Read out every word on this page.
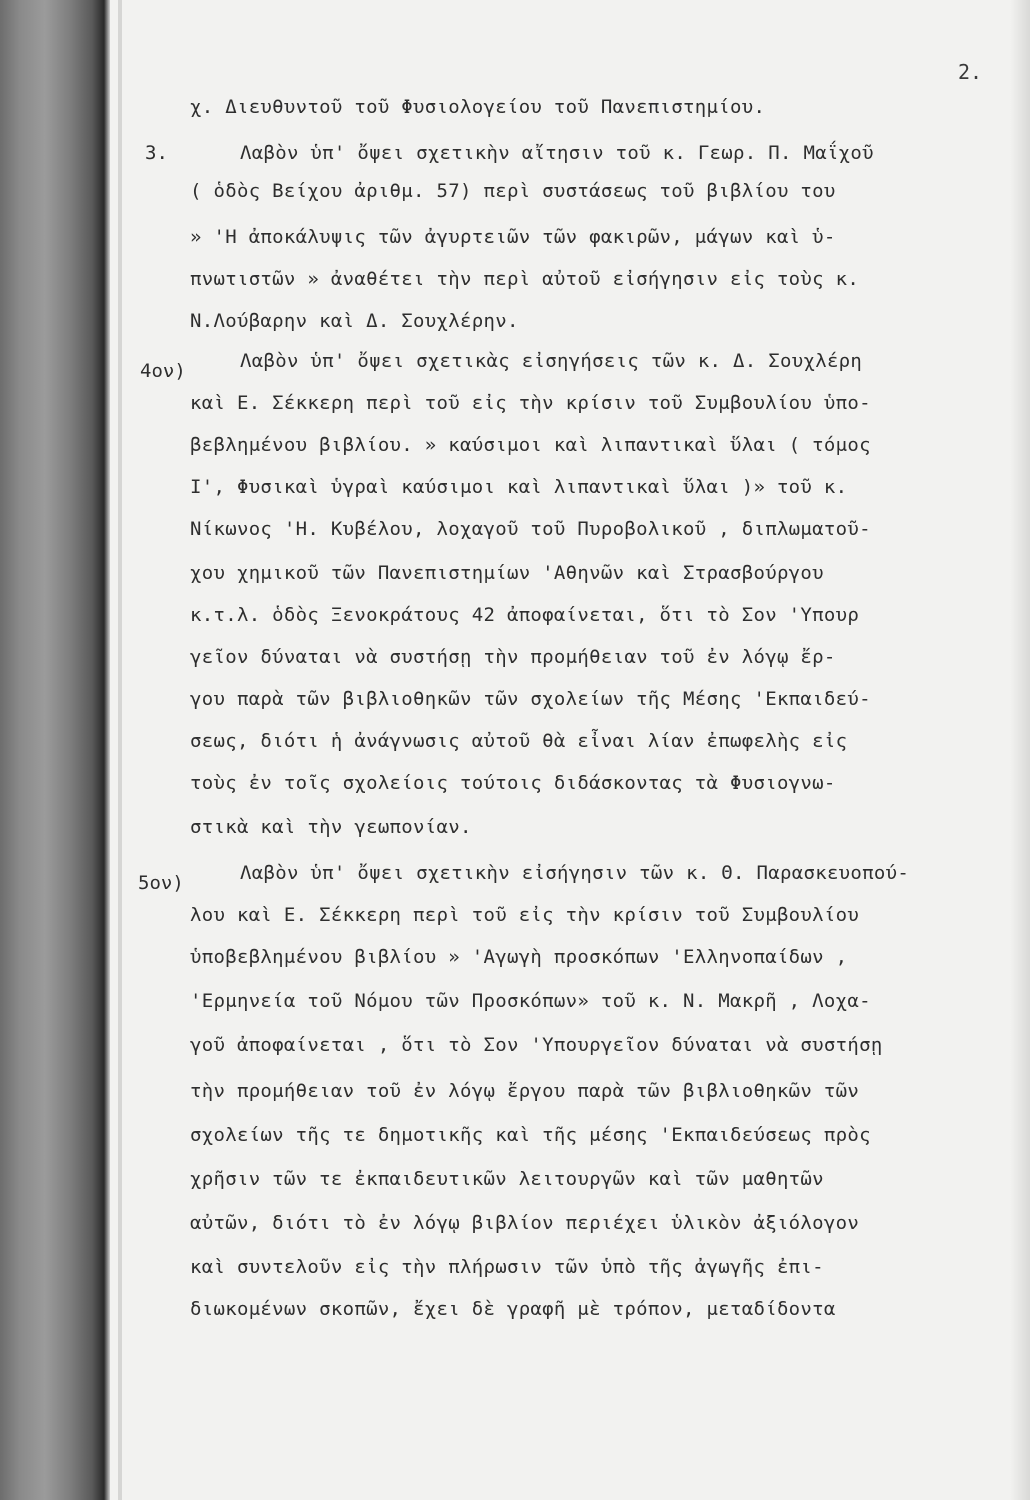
2.
3.
4ον)
5ον)
χ. Διευθυντοῦ τοῦ Φυσιολογείου τοῦ Πανεπιστημίου.
Λαβὸν ὑπ' ὄψει σχετικὴν αἴτησιν τοῦ κ. Γεωρ. Π. Μαΐχοῦ
( ὁδὸς Βείχου ἀριθμ. 57) περὶ συστάσεως τοῦ βιβλίου του
» 'Η ἀποκάλυψις τῶν ἀγυρτειῶν τῶν φακιρῶν, μάγων καὶ ὑ-
πνωτιστῶν » ἀναθέτει τὴν περὶ αὐτοῦ εἰσήγησιν εἰς τοὺς κ.
Ν.Λούβαρην καὶ Δ. Σουχλέρην.
Λαβὸν ὑπ' ὄψει σχετικὰς εἰσηγήσεις τῶν κ. Δ. Σουχλέρη
καὶ Ε. Σέκκερη περὶ τοῦ εἰς τὴν κρίσιν τοῦ Συμβουλίου ὑπο-
βεβλημένου βιβλίου. » καύσιμοι καὶ λιπαντικαὶ ὕλαι ( τόμος
Ι', Φυσικαὶ ὑγραὶ καύσιμοι καὶ λιπαντικαὶ ὕλαι )» τοῦ κ.
Νίκωνος 'Η. Κυβέλου, λοχαγοῦ τοῦ Πυροβολικοῦ , διπλωματοῦ-
χου χημικοῦ τῶν Πανεπιστημίων 'Αθηνῶν καὶ Στρασβούργου
κ.τ.λ. ὁδὸς Ξενοκράτους 42 ἀποφαίνεται, ὅτι τὸ Σον 'Υπουρ
γεῖον δύναται νὰ συστήσῃ τὴν προμήθειαν τοῦ ἐν λόγῳ ἔρ-
γου παρὰ τῶν βιβλιοθηκῶν τῶν σχολείων τῆς Μέσης 'Εκπαιδεύ-
σεως, διότι ἡ ἀνάγνωσις αὐτοῦ θὰ εἶναι λίαν ἐπωφελὴς εἰς
τοὺς ἐν τοῖς σχολείοις τούτοις διδάσκοντας τὰ Φυσιογνω-
στικὰ καὶ τὴν γεωπονίαν.
Λαβὸν ὑπ' ὄψει σχετικὴν εἰσήγησιν τῶν κ. Θ. Παρασκευοπού-
λου καὶ Ε. Σέκκερη περὶ τοῦ εἰς τὴν κρίσιν τοῦ Συμβουλίου
ὑποβεβλημένου βιβλίου » 'Αγωγὴ προσκόπων 'Ελληνοπαίδων ,
'Ερμηνεία τοῦ Νόμου τῶν Προσκόπων» τοῦ κ. Ν. Μακρῆ , Λοχα-
γοῦ ἀποφαίνεται , ὅτι τὸ Σον 'Υπουργεῖον δύναται νὰ συστήσῃ
τὴν προμήθειαν τοῦ ἐν λόγῳ ἔργου παρὰ τῶν βιβλιοθηκῶν τῶν
σχολείων τῆς τε δημοτικῆς καὶ τῆς μέσης 'Εκπαιδεύσεως πρὸς
χρῆσιν τῶν τε ἐκπαιδευτικῶν λειτουργῶν καὶ τῶν μαθητῶν
αὐτῶν, διότι τὸ ἐν λόγῳ βιβλίον περιέχει ὑλικὸν ἀξιόλογον
καὶ συντελοῦν εἰς τὴν πλήρωσιν τῶν ὑπὸ τῆς ἀγωγῆς ἐπι-
διωκομένων σκοπῶν, ἔχει δὲ γραφῆ μὲ τρόπον, μεταδίδοντα
